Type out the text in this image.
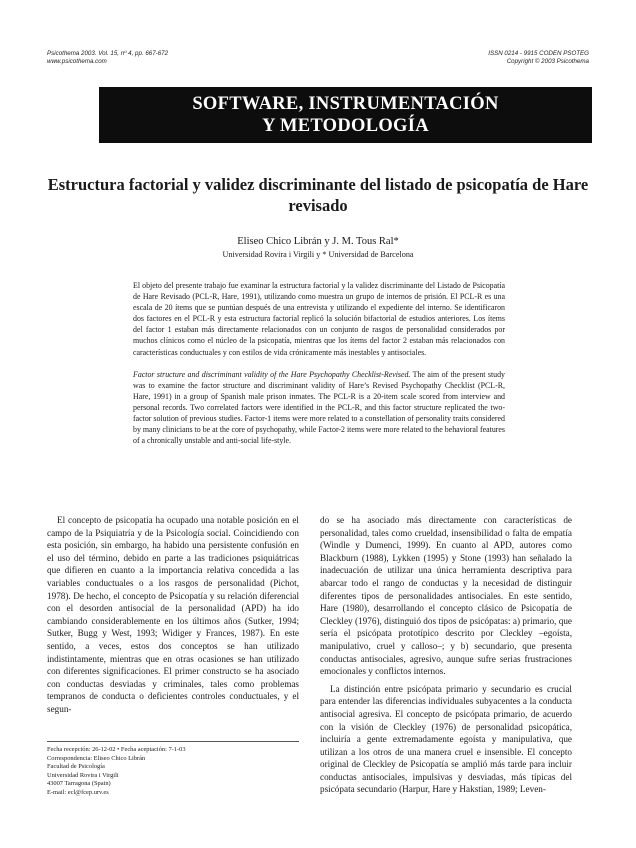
Psicothema 2003. Vol. 15, nº 4, pp. 667-672
www.psicothema.com
ISSN 0214 - 9915 CODEN PSOTEG
Copyright © 2003 Psicothema
SOFTWARE, INSTRUMENTACIÓN
Y METODOLOGÍA
Estructura factorial y validez discriminante del listado de psicopatía de Hare revisado
Eliseo Chico Librán y J. M. Tous Ral*
Universidad Rovira i Virgili y * Universidad de Barcelona

El objeto del presente trabajo fue examinar la estructura factorial y la validez discriminante del Listado de Psicopatía de Hare Revisado (PCL-R, Hare, 1991), utilizando como muestra un grupo de internos de prisión. El PCL-R es una escala de 20 ítems que se puntúan después de una entrevista y utilizando el expediente del interno. Se identificaron dos factores en el PCL-R y esta estructura factorial replicó la solución bifactorial de estudios anteriores. Los ítems del factor 1 estaban más directamente relacionados con un conjunto de rasgos de personalidad considerados por muchos clínicos como el núcleo de la psicopatía, mientras que los ítems del factor 2 estaban más relacionados con características conductuales y con estilos de vida crónicamente más inestables y antisociales.

Factor structure and discriminant validity of the Hare Psychopathy Checklist-Revised. The aim of the present study was to examine the factor structure and discriminant validity of Hare’s Revised Psychopathy Checklist (PCL-R, Hare, 1991) in a group of Spanish male prison inmates. The PCL-R is a 20-item scale scored from interview and personal records. Two correlated factors were identified in the PCL-R, and this factor structure replicated the two-factor solution of previous studies. Factor-1 items were more related to a constellation of personality traits considered by many clinicians to be at the core of psychopathy, while Factor-2 items were more related to the behavioral features of a chronically unstable and anti-social life-style.

El concepto de psicopatía ha ocupado una notable posición en el campo de la Psiquiatría y de la Psicología social. Coincidiendo con esta posición, sin embargo, ha habido una persistente confusión en el uso del término, debido en parte a las tradiciones psiquiátricas que difieren en cuanto a la importancia relativa concedida a las variables conductuales o a los rasgos de personalidad (Pichot, 1978). De hecho, el concepto de Psicopatía y su relación diferencial con el desorden antisocial de la personalidad (APD) ha ido cambiando considerablemente en los últimos años (Sutker, 1994; Sutker, Bugg y West, 1993; Widiger y Frances, 1987). En este sentido, a veces, estos dos conceptos se han utilizado indistintamente, mientras que en otras ocasiones se han utilizado con diferentes significaciones. El primer constructo se ha asociado con conductas desviadas y criminales, tales como problemas tempranos de conducta o deficientes controles conductuales, y el segun-

do se ha asociado más directamente con características de personalidad, tales como crueldad, insensibilidad o falta de empatía (Windle y Dumenci, 1999). En cuanto al APD, autores como Blackburn (1988), Lykken (1995) y Stone (1993) han señalado la inadecuación de utilizar una única herramienta descriptiva para abarcar todo el rango de conductas y la necesidad de distinguir diferentes tipos de personalidades antisociales. En este sentido, Hare (1980), desarrollando el concepto clásico de Psicopatía de Cleckley (1976), distinguió dos tipos de psicópatas: a) primario, que sería el psicópata prototípico descrito por Cleckley –egoísta, manipulativo, cruel y calloso–; y b) secundario, que presenta conductas antisociales, agresivo, aunque sufre serias frustraciones emocionales y conflictos internos.

La distinción entre psicópata primario y secundario es crucial para entender las diferencias individuales subyacentes a la conducta antisocial agresiva. El concepto de psicópata primario, de acuerdo con la visión de Cleckley (1976) de personalidad psicopática, incluiría a gente extremadamente egoísta y manipulativa, que utilizan a los otros de una manera cruel e insensible. El concepto original de Cleckley de Psicopatía se amplió más tarde para incluir conductas antisociales, impulsivas y desviadas, más típicas del psicópata secundario (Harpur, Hare y Hakstian, 1989; Leven-

Fecha recepción: 26-12-02 • Fecha aceptación: 7-1-03
Correspondencia: Eliseo Chico Librán
Facultad de Psicología
Universidad Rovira i Virgili
43007 Tarragona (Spain)
E-mail: ecl@fcep.urv.es
